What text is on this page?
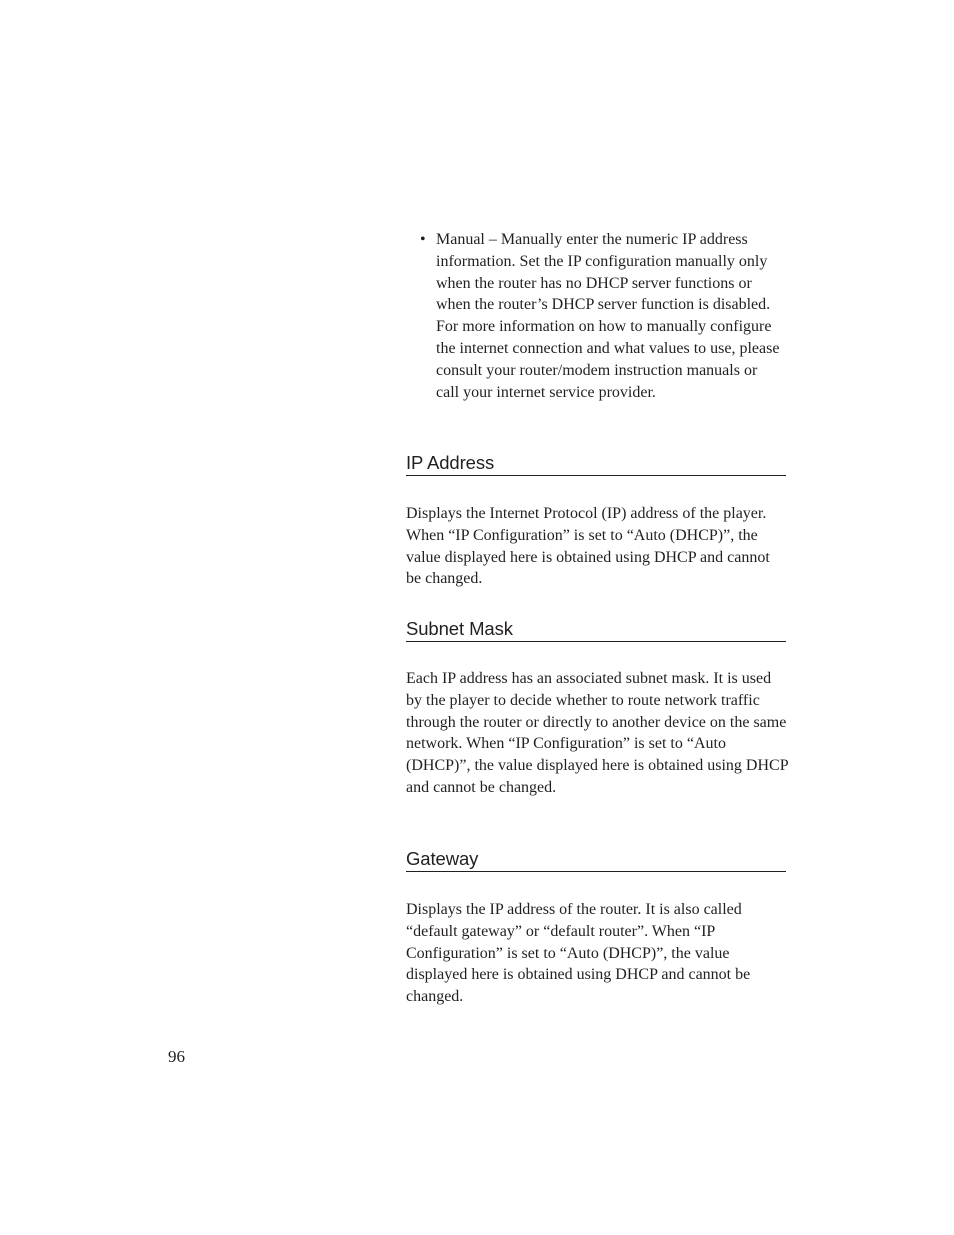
• Manual – Manually enter the numeric IP address information. Set the IP configuration manually only when the router has no DHCP server functions or when the router’s DHCP server function is disabled. For more information on how to manually configure the internet connection and what values to use, please consult your router/modem instruction manuals or call your internet service provider.
IP Address

Displays the Internet Protocol (IP) address of the player. When “IP Configuration” is set to “Auto (DHCP)”, the value displayed here is obtained using DHCP and cannot be changed.

Subnet Mask

Each IP address has an associated subnet mask. It is used by the player to decide whether to route network traffic through the router or directly to another device on the same network. When “IP Configuration” is set to “Auto (DHCP)”, the value displayed here is obtained using DHCP and cannot be changed.

Gateway

Displays the IP address of the router. It is also called “default gateway” or “default router”. When “IP Configuration” is set to “Auto (DHCP)”, the value displayed here is obtained using DHCP and cannot be changed.

96
